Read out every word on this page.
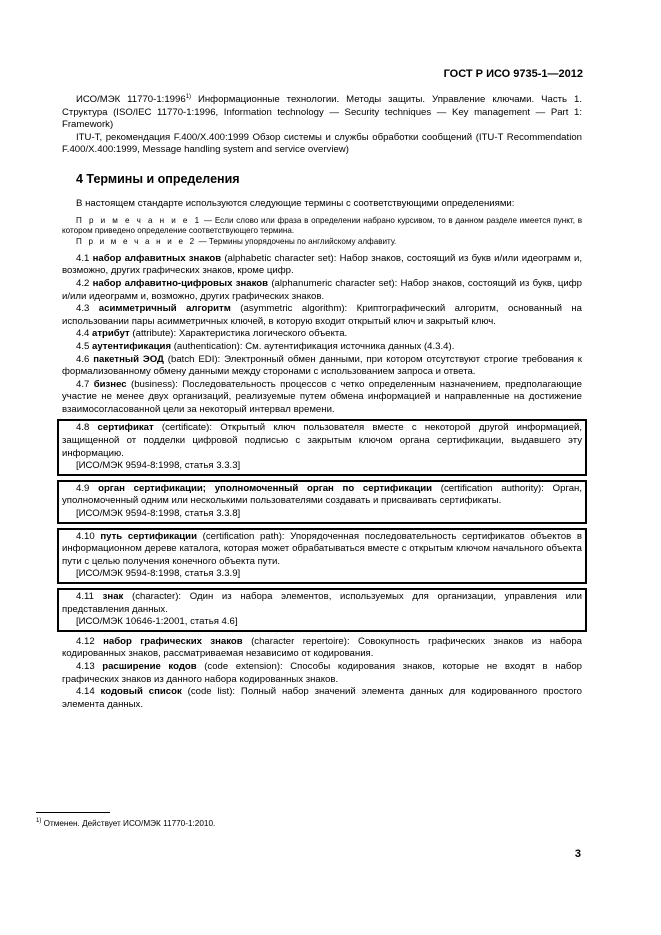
ГОСТ Р ИСО 9735-1—2012

ИСО/МЭК 11770-1:1996$^{1)}$ Информационные технологии. Методы защиты. Управление ключами. Часть 1. Структура (ISO/IEC 11770-1:1996, Information technology — Security techniques — Key management — Part 1: Framework)

ITU-T, рекомендация F.400/X.400:1999 Обзор системы и службы обработки сообщений (ITU-T Recommendation F.400/X.400:1999, Message handling system and service overview)

4 Термины и определения

В настоящем стандарте используются следующие термины с соответствующими определениями:

П р и м е ч а н и е 1 — Если слово или фраза в определении набрано курсивом, то в данном разделе имеется пункт, в котором приведено определение соответствующего термина.

П р и м е ч а н и е 2 — Термины упорядочены по английскому алфавиту.

4.1 набор алфавитных знаков (alphabetic character set): Набор знаков, состоящий из букв и/или идеограмм и, возможно, других графических знаков, кроме цифр.

4.2 набор алфавитно-цифровых знаков (alphanumeric character set): Набор знаков, состоящий из букв, цифр и/или идеограмм и, возможно, других графических знаков.

4.3 асимметричный алгоритм (asymmetric algorithm): Криптографический алгоритм, основанный на использовании пары асимметричных ключей, в которую входит открытый ключ и закрытый ключ.

4.4 атрибут (attribute): Характеристика логического объекта.

4.5 аутентификация (authentication): См. аутентификация источника данных (4.3.4).

4.6 пакетный ЭОД (batch EDI): Электронный обмен данными, при котором отсутствуют строгие требования к формализованному обмену данными между сторонами с использованием запроса и ответа.

4.7 бизнес (business): Последовательность процессов с четко определенным назначением, предполагающие участие не менее двух организаций, реализуемые путем обмена информацией и направленные на достижение взаимосогласованной цели за некоторый интервал времени.

4.8 сертификат (certificate): Открытый ключ пользователя вместе с некоторой другой информацией, защищенной от подделки цифровой подписью с закрытым ключом органа сертификации, выдавшего эту информацию.

[ИСО/МЭК 9594-8:1998, статья 3.3.3]

4.9 орган сертификации; уполномоченный орган по сертификации (certification authority): Орган, уполномоченный одним или несколькими пользователями создавать и присваивать сертификаты.

[ИСО/МЭК 9594-8:1998, статья 3.3.8]

4.10 путь сертификации (certification path): Упорядоченная последовательность сертификатов объектов в информационном дереве каталога, которая может обрабатываться вместе с открытым ключом начального объекта пути с целью получения конечного объекта пути.

[ИСО/МЭК 9594-8:1998, статья 3.3.9]

4.11 знак (character): Один из набора элементов, используемых для организации, управления или представления данных.

[ИСО/МЭК 10646-1:2001, статья 4.6]

4.12 набор графических знаков (character repertoire): Совокупность графических знаков из набора кодированных знаков, рассматриваемая независимо от кодирования.

4.13 расширение кодов (code extension): Способы кодирования знаков, которые не входят в набор графических знаков из данного набора кодированных знаков.

4.14 кодовый список (code list): Полный набор значений элемента данных для кодированного простого элемента данных.

$^{1)}$ Отменен. Действует ИСО/МЭК 11770-1:2010.
3
